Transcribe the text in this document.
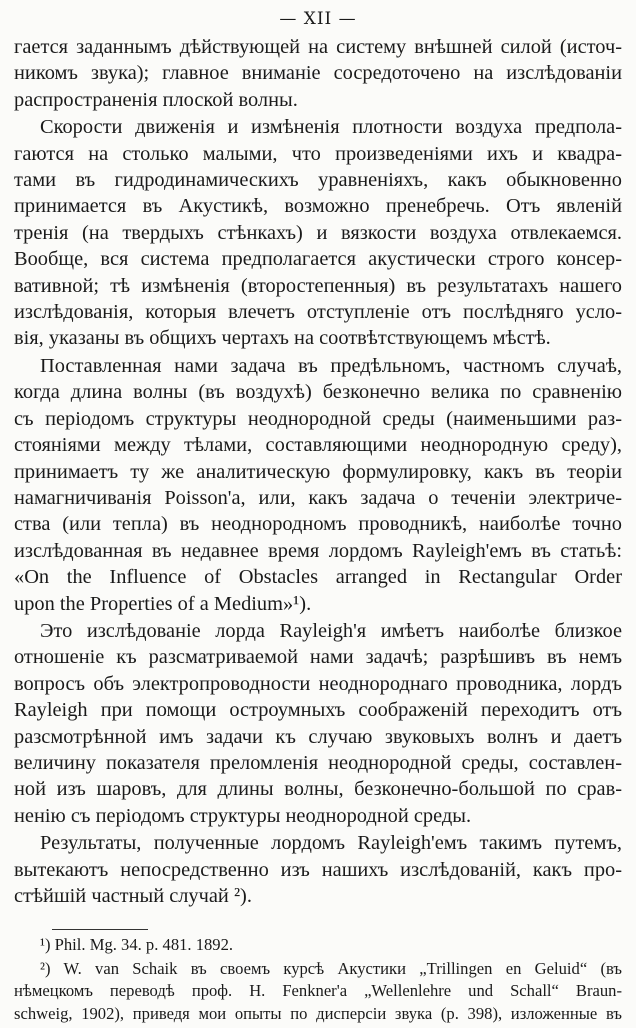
— XII —

гается заданнымъ дѣйствующей на систему внѣшней силой (источ-
никомъ звука); главное вниманіе сосредоточено на изслѣдованіи
распространенія плоской волны.

Скорости движенія и измѣненія плотности воздуха предпола-
гаются на столько малыми, что произведеніями ихъ и квадра-
тами въ гидродинамическихъ уравненіяхъ, какъ обыкновенно
принимается въ Акустикѣ, возможно пренебречь. Отъ явленій
тренія (на твердыхъ стѣнкахъ) и вязкости воздуха отвлекаемся.
Вообще, вся система предполагается акустически строго консер-
вативной; тѣ измѣненія (второстепенныя) въ результатахъ нашего
изслѣдованія, которыя влечетъ отступленіе отъ послѣдняго усло-
вія, указаны въ общихъ чертахъ на соотвѣтствующемъ мѣстѣ.

Поставленная нами задача въ предѣльномъ, частномъ случаѣ,
когда длина волны (въ воздухѣ) безконечно велика по сравненію
съ періодомъ структуры неоднородной среды (наименьшими раз-
стояніями между тѣлами, составляющими неоднородную среду),
принимаетъ ту же аналитическую формулировку, какъ въ теоріи
намагничиванія Poisson'а, или, какъ задача о теченіи электриче-
ства (или тепла) въ неоднородномъ проводникѣ, наиболѣе точно
изслѣдованная въ недавнее время лордомъ Rayleigh'емъ въ статьѣ:
«On the Influence of Obstacles arranged in Rectangular Order
upon the Properties of a Medium»¹).

Это изслѣдованіе лорда Rayleigh'я имѣетъ наиболѣе близкое
отношеніе къ разсматриваемой нами задачѣ; разрѣшивъ въ немъ
вопросъ объ электропроводности неоднороднаго проводника, лордъ
Rayleigh при помощи остроумныхъ соображеній переходитъ отъ
разсмотрѣнной имъ задачи къ случаю звуковыхъ волнъ и даетъ
величину показателя преломленія неоднородной среды, составлен-
ной изъ шаровъ, для длины волны, безконечно-большой по срав-
ненію съ періодомъ структуры неоднородной среды.

Результаты, полученные лордомъ Rayleigh'емъ такимъ путемъ,
вытекаютъ непосредственно изъ нашихъ изслѣдованій, какъ про-
стѣйшій частный случай ²).

¹) Phil. Mg. 34. p. 481. 1892.
²) W. van Schaik въ своемъ курсѣ Акустики „Trillingen en Geluid“ (въ
нѣмецкомъ переводѣ проф. H. Fenkner'а „Wellenlehre und Schall“ Braun-
schweig, 1902), приведя мои опыты по дисперсіи звука (p. 398), изложенные въ
